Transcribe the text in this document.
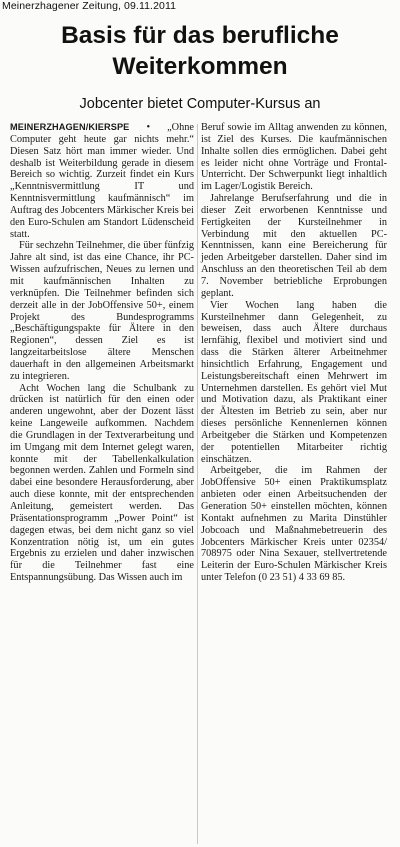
Meinerzhagener Zeitung, 09.11.2011
Basis für das berufliche
Weiterkommen
Jobcenter bietet Computer-Kursus an

MEINERZHAGEN/KIERSPE • „Ohne Computer geht heute gar nichts mehr.“ Diesen Satz hört man immer wieder. Und deshalb ist Weiterbildung gerade in diesem Bereich so wichtig. Zurzeit findet ein Kurs „Kenntnisvermittlung IT und Kenntnisvermittlung kaufmännisch“ im Auftrag des Jobcenters Märkischer Kreis bei den Euro-Schulen am Standort Lüdenscheid statt.

Für sechzehn Teilnehmer, die über fünfzig Jahre alt sind, ist das eine Chance, ihr PC-Wissen aufzufrischen, Neues zu lernen und mit kaufmännischen Inhalten zu verknüpfen. Die Teilnehmer befinden sich derzeit alle in der JobOffensive 50+, einem Projekt des Bundesprogramms „Beschäftigungspakte für Ältere in den Regionen“, dessen Ziel es ist langzeitarbeitslose ältere Menschen dauerhaft in den allgemeinen Arbeitsmarkt zu integrieren.

Acht Wochen lang die Schulbank zu drücken ist natürlich für den einen oder anderen ungewohnt, aber der Dozent lässt keine Langeweile aufkommen. Nachdem die Grundlagen in der Textverarbeitung und im Umgang mit dem Internet gelegt waren, konnte mit der Tabellenkalkulation begonnen werden. Zahlen und Formeln sind dabei eine besondere Herausforderung, aber auch diese konnte, mit der entsprechenden Anleitung, gemeistert werden. Das Präsentationsprogramm „Power Point“ ist dagegen etwas, bei dem nicht ganz so viel Konzentration nötig ist, um ein gutes Ergebnis zu erzielen und daher inzwischen für die Teilnehmer fast eine Entspannungsübung. Das Wissen auch im

Beruf sowie im Alltag anwenden zu können, ist Ziel des Kurses. Die kaufmännischen Inhalte sollen dies ermöglichen. Dabei geht es leider nicht ohne Vorträge und Frontal-Unterricht. Der Schwerpunkt liegt inhaltlich im Lager/Logistik Bereich.

Jahrelange Berufserfahrung und die in dieser Zeit erworbenen Kenntnisse und Fertigkeiten der Kursteilnehmer in Verbindung mit den aktuellen PC-Kenntnissen, kann eine Bereicherung für jeden Arbeitgeber darstellen. Daher sind im Anschluss an den theoretischen Teil ab dem 7. November betriebliche Erprobungen geplant.

Vier Wochen lang haben die Kursteilnehmer dann Gelegenheit, zu beweisen, dass auch Ältere durchaus lernfähig, flexibel und motiviert sind und dass die Stärken älterer Arbeitnehmer hinsichtlich Erfahrung, Engagement und Leistungsbereitschaft einen Mehrwert im Unternehmen darstellen. Es gehört viel Mut und Motivation dazu, als Praktikant einer der Ältesten im Betrieb zu sein, aber nur dieses persönliche Kennenlernen können Arbeitgeber die Stärken und Kompetenzen der potentiellen Mitarbeiter richtig einschätzen.

Arbeitgeber, die im Rahmen der JobOffensive 50+ einen Praktikumsplatz anbieten oder einen Arbeitsuchenden der Generation 50+ einstellen möchten, können Kontakt aufnehmen zu Marita Dinstühler Jobcoach und Maßnahmebetreuerin des Jobcenters Märkischer Kreis unter 02354/ 708975 oder Nina Sexauer, stellvertretende Leiterin der Euro-Schulen Märkischer Kreis unter Telefon (0 23 51) 4 33 69 85.
